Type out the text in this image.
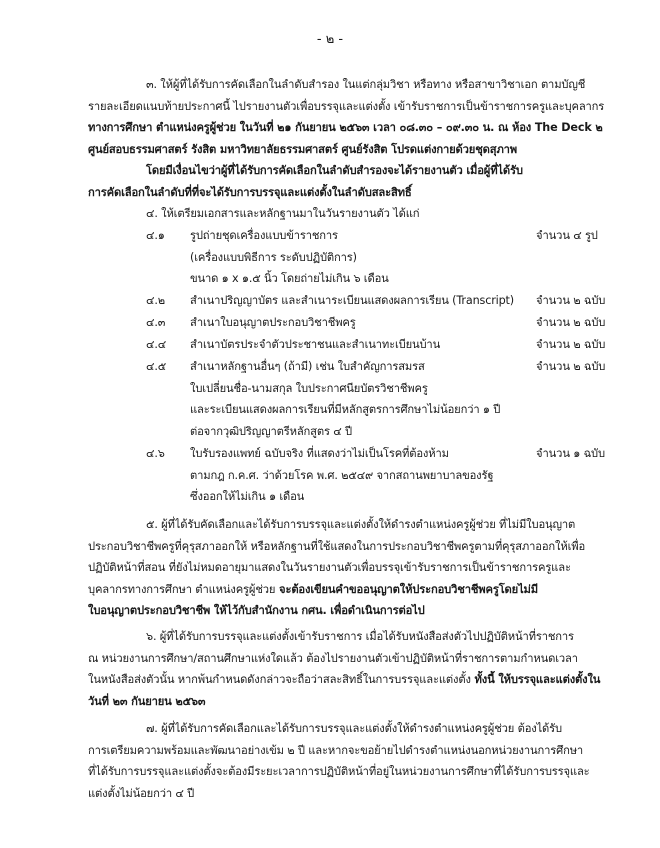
- ๒ -
๓. ให้ผู้ที่ได้รับการคัดเลือกในลำดับสำรอง ในแต่กลุ่มวิชา หรือทาง หรือสาขาวิชาเอก ตามบัญชี
รายละเอียดแนบท้ายประกาศนี้ ไปรายงานตัวเพื่อบรรจุและแต่งตั้ง เข้ารับราชการเป็นข้าราชการครูและบุคลากร
ทางการศึกษา ตำแหน่งครูผู้ช่วย ในวันที่ ๒๑ กันยายน ๒๕๖๓ เวลา ๐๘.๓๐ – ๐๙.๓๐ น. ณ ห้อง The Deck ๒
ศูนย์สอบธรรมศาสตร์ รังสิต มหาวิทยาลัยธรรมศาสตร์ ศูนย์รังสิต โปรดแต่งกายด้วยชุดสุภาพ
โดยมีเงื่อนไขว่าผู้ที่ได้รับการคัดเลือกในลำดับสำรองจะได้รายงานตัว เมื่อผู้ที่ได้รับ
การคัดเลือกในลำดับที่ที่จะได้รับการบรรจุและแต่งตั้งในลำดับสละสิทธิ์
๔. ให้เตรียมเอกสารและหลักฐานมาในวันรายงานตัว ได้แก่
๔.๑	รูปถ่ายชุดเครื่องแบบข้าราชการ	จำนวน ๔ รูป
(เครื่องแบบพิธีการ ระดับปฏิบัติการ)
ขนาด ๑ x ๑.๕ นิ้ว โดยถ่ายไม่เกิน ๖ เดือน
๔.๒	สำเนาปริญญาบัตร และสำเนาระเบียนแสดงผลการเรียน (Transcript)	จำนวน ๒ ฉบับ
๔.๓	สำเนาใบอนุญาตประกอบวิชาชีพครู	จำนวน ๒ ฉบับ
๔.๔	สำเนาบัตรประจำตัวประชาชนและสำเนาทะเบียนบ้าน	จำนวน ๒ ฉบับ
๔.๕	สำเนาหลักฐานอื่นๆ (ถ้ามี) เช่น ใบสำคัญการสมรส	จำนวน ๒ ฉบับ
ใบเปลี่ยนชื่อ-นามสกุล ใบประกาศนียบัตรวิชาชีพครู
และระเบียนแสดงผลการเรียนที่มีหลักสูตรการศึกษาไม่น้อยกว่า ๑ ปี
ต่อจากวุฒิปริญญาตรีหลักสูตร ๔ ปี
๔.๖	ใบรับรองแพทย์ ฉบับจริง ที่แสดงว่าไม่เป็นโรคที่ต้องห้าม	จำนวน ๑ ฉบับ
ตามกฎ ก.ค.ศ. ว่าด้วยโรค พ.ศ. ๒๕๔๙ จากสถานพยาบาลของรัฐ
ซึ่งออกให้ไม่เกิน ๑ เดือน
๕. ผู้ที่ได้รับคัดเลือกและได้รับการบรรจุและแต่งตั้งให้ดำรงตำแหน่งครูผู้ช่วย ที่ไม่มีใบอนุญาต
ประกอบวิชาชีพครูที่คุรุสภาออกให้ หรือหลักฐานที่ใช้แสดงในการประกอบวิชาชีพครูตามที่คุรุสภาออกให้เพื่อ
ปฏิบัติหน้าที่สอน ที่ยังไม่หมดอายุมาแสดงในวันรายงานตัวเพื่อบรรจุเข้ารับราชการเป็นข้าราชการครูและ
บุคลากรทางการศึกษา ตำแหน่งครูผู้ช่วย จะต้องเขียนคำขออนุญาตให้ประกอบวิชาชีพครูโดยไม่มี
ใบอนุญาตประกอบวิชาชีพ ให้ไว้กับสำนักงาน กศน. เพื่อดำเนินการต่อไป
๖. ผู้ที่ได้รับการบรรจุและแต่งตั้งเข้ารับราชการ เมื่อได้รับหนังสือส่งตัวไปปฏิบัติหน้าที่ราชการ
ณ หน่วยงานการศึกษา/สถานศึกษาแห่งใดแล้ว ต้องไปรายงานตัวเข้าปฏิบัติหน้าที่ราชการตามกำหนดเวลา
ในหนังสือส่งตัวนั้น หากพ้นกำหนดดังกล่าวจะถือว่าสละสิทธิ์ในการบรรจุและแต่งตั้ง ทั้งนี้ ให้บรรจุและแต่งตั้งใน
วันที่ ๒๓ กันยายน ๒๕๖๓
๗. ผู้ที่ได้รับการคัดเลือกและได้รับการบรรจุและแต่งตั้งให้ดำรงตำแหน่งครูผู้ช่วย ต้องได้รับ
การเตรียมความพร้อมและพัฒนาอย่างเข้ม ๒ ปี และหากจะขอย้ายไปดำรงตำแหน่งนอกหน่วยงานการศึกษา
ที่ได้รับการบรรจุและแต่งตั้งจะต้องมีระยะเวลาการปฏิบัติหน้าที่อยู่ในหน่วยงานการศึกษาที่ได้รับการบรรจุและ
แต่งตั้งไม่น้อยกว่า ๔ ปี
